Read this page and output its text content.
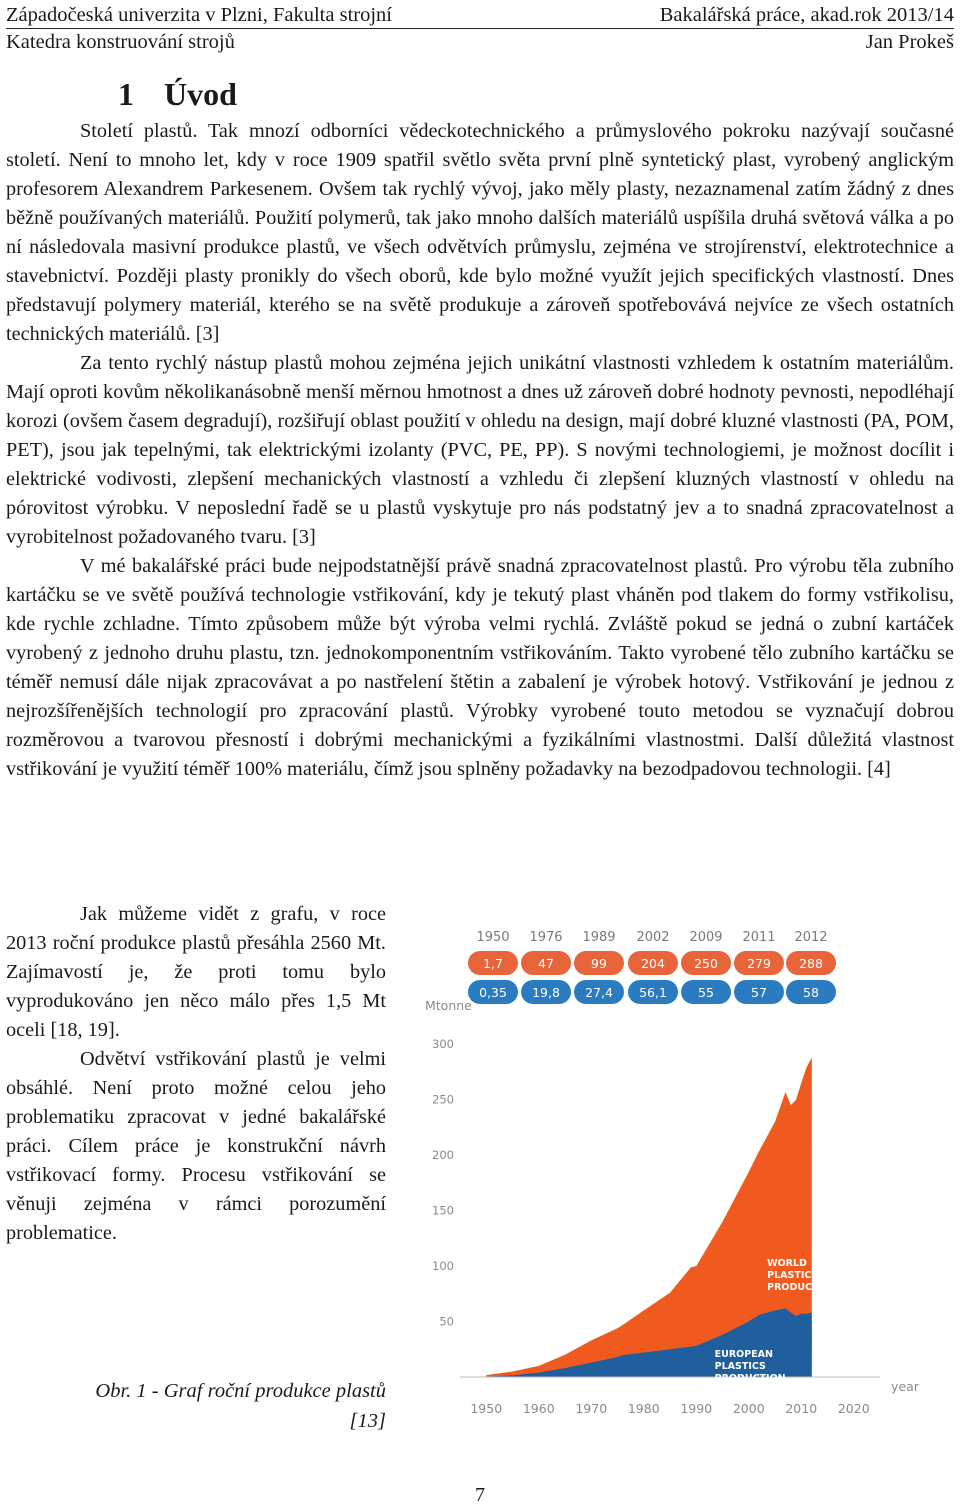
Západočeská univerzita v Plzni, Fakulta strojní	Bakalářská práce, akad.rok 2013/14
Katedra konstruování strojů	Jan Prokeš
1 Úvod

Století plastů. Tak mnozí odborníci vědeckotechnického a průmyslového pokroku nazývají současné století. Není to mnoho let, kdy v roce 1909 spatřil světlo světa první plně syntetický plast, vyrobený anglickým profesorem Alexandrem Parkesenem. Ovšem tak rychlý vývoj, jako měly plasty, nezaznamenal zatím žádný z dnes běžně používaných materiálů. Použití polymerů, tak jako mnoho dalších materiálů uspíšila druhá světová válka a po ní následovala masivní produkce plastů, ve všech odvětvích průmyslu, zejména ve strojírenství, elektrotechnice a stavebnictví. Později plasty pronikly do všech oborů, kde bylo možné využít jejich specifických vlastností. Dnes představují polymery materiál, kterého se na světě produkuje a zároveň spotřebovává nejvíce ze všech ostatních technických materiálů. [3]

Za tento rychlý nástup plastů mohou zejména jejich unikátní vlastnosti vzhledem k ostatním materiálům. Mají oproti kovům několikanásobně menší měrnou hmotnost a dnes už zároveň dobré hodnoty pevnosti, nepodléhají korozi (ovšem časem degradují), rozšiřují oblast použití v ohledu na design, mají dobré kluzné vlastnosti (PA, POM, PET), jsou jak tepelnými, tak elektrickými izolanty (PVC, PE, PP). S novými technologiemi, je možnost docílit i elektrické vodivosti, zlepšení mechanických vlastností a vzhledu či zlepšení kluzných vlastností v ohledu na pórovitost výrobku. V neposlední řadě se u plastů vyskytuje pro nás podstatný jev a to snadná zpracovatelnost a vyrobitelnost požadovaného tvaru. [3]

V mé bakalářské práci bude nejpodstatnější právě snadná zpracovatelnost plastů. Pro výrobu těla zubního kartáčku se ve světě používá technologie vstřikování, kdy je tekutý plast vháněn pod tlakem do formy vstřikolisu, kde rychle zchladne. Tímto způsobem může být výroba velmi rychlá. Zvláště pokud se jedná o zubní kartáček vyrobený z jednoho druhu plastu, tzn. jednokomponentním vstřikováním. Takto vyrobené tělo zubního kartáčku se téměř nemusí dále nijak zpracovávat a po nastřelení štětin a zabalení je výrobek hotový. Vstřikování je jednou z nejrozšířenějších technologií pro zpracování plastů. Výrobky vyrobené touto metodou se vyznačují dobrou rozměrovou a tvarovou přesností i dobrými mechanickými a fyzikálními vlastnostmi. Další důležitá vlastnost vstřikování je využití téměř 100% materiálu, čímž jsou splněny požadavky na bezodpadovou technologii. [4]

Jak můžeme vidět z grafu, v roce 2013 roční produkce plastů přesáhla 2560 Mt. Zajímavostí je, že proti tomu bylo vyprodukováno jen něco málo přes 1,5 Mt oceli [18, 19].

Odvětví vstřikování plastů je velmi obsáhlé. Není proto možné celou jeho problematiku zpracovat v jedné bakalářské práci. Cílem práce je konstrukční návrh vstřikovací formy. Procesu vstřikování se věnuji zejména v rámci porozumění problematice.

Obr. 1 - Graf roční produkce plastů
[13]
1950 1976 1989 2002 2009 2011 2012
1,7	47	99	204 250 279 288
0,35 19,8 27,4 56,1 55	57	58
Mtonne
50
100
150
200
250
300
1950 1960 1970 1980 1990 2000 2010 2020
year
WORLD
PLASTICS
PRODUCTION
EUROPEAN
PLASTICS
PRODUCTION
7
